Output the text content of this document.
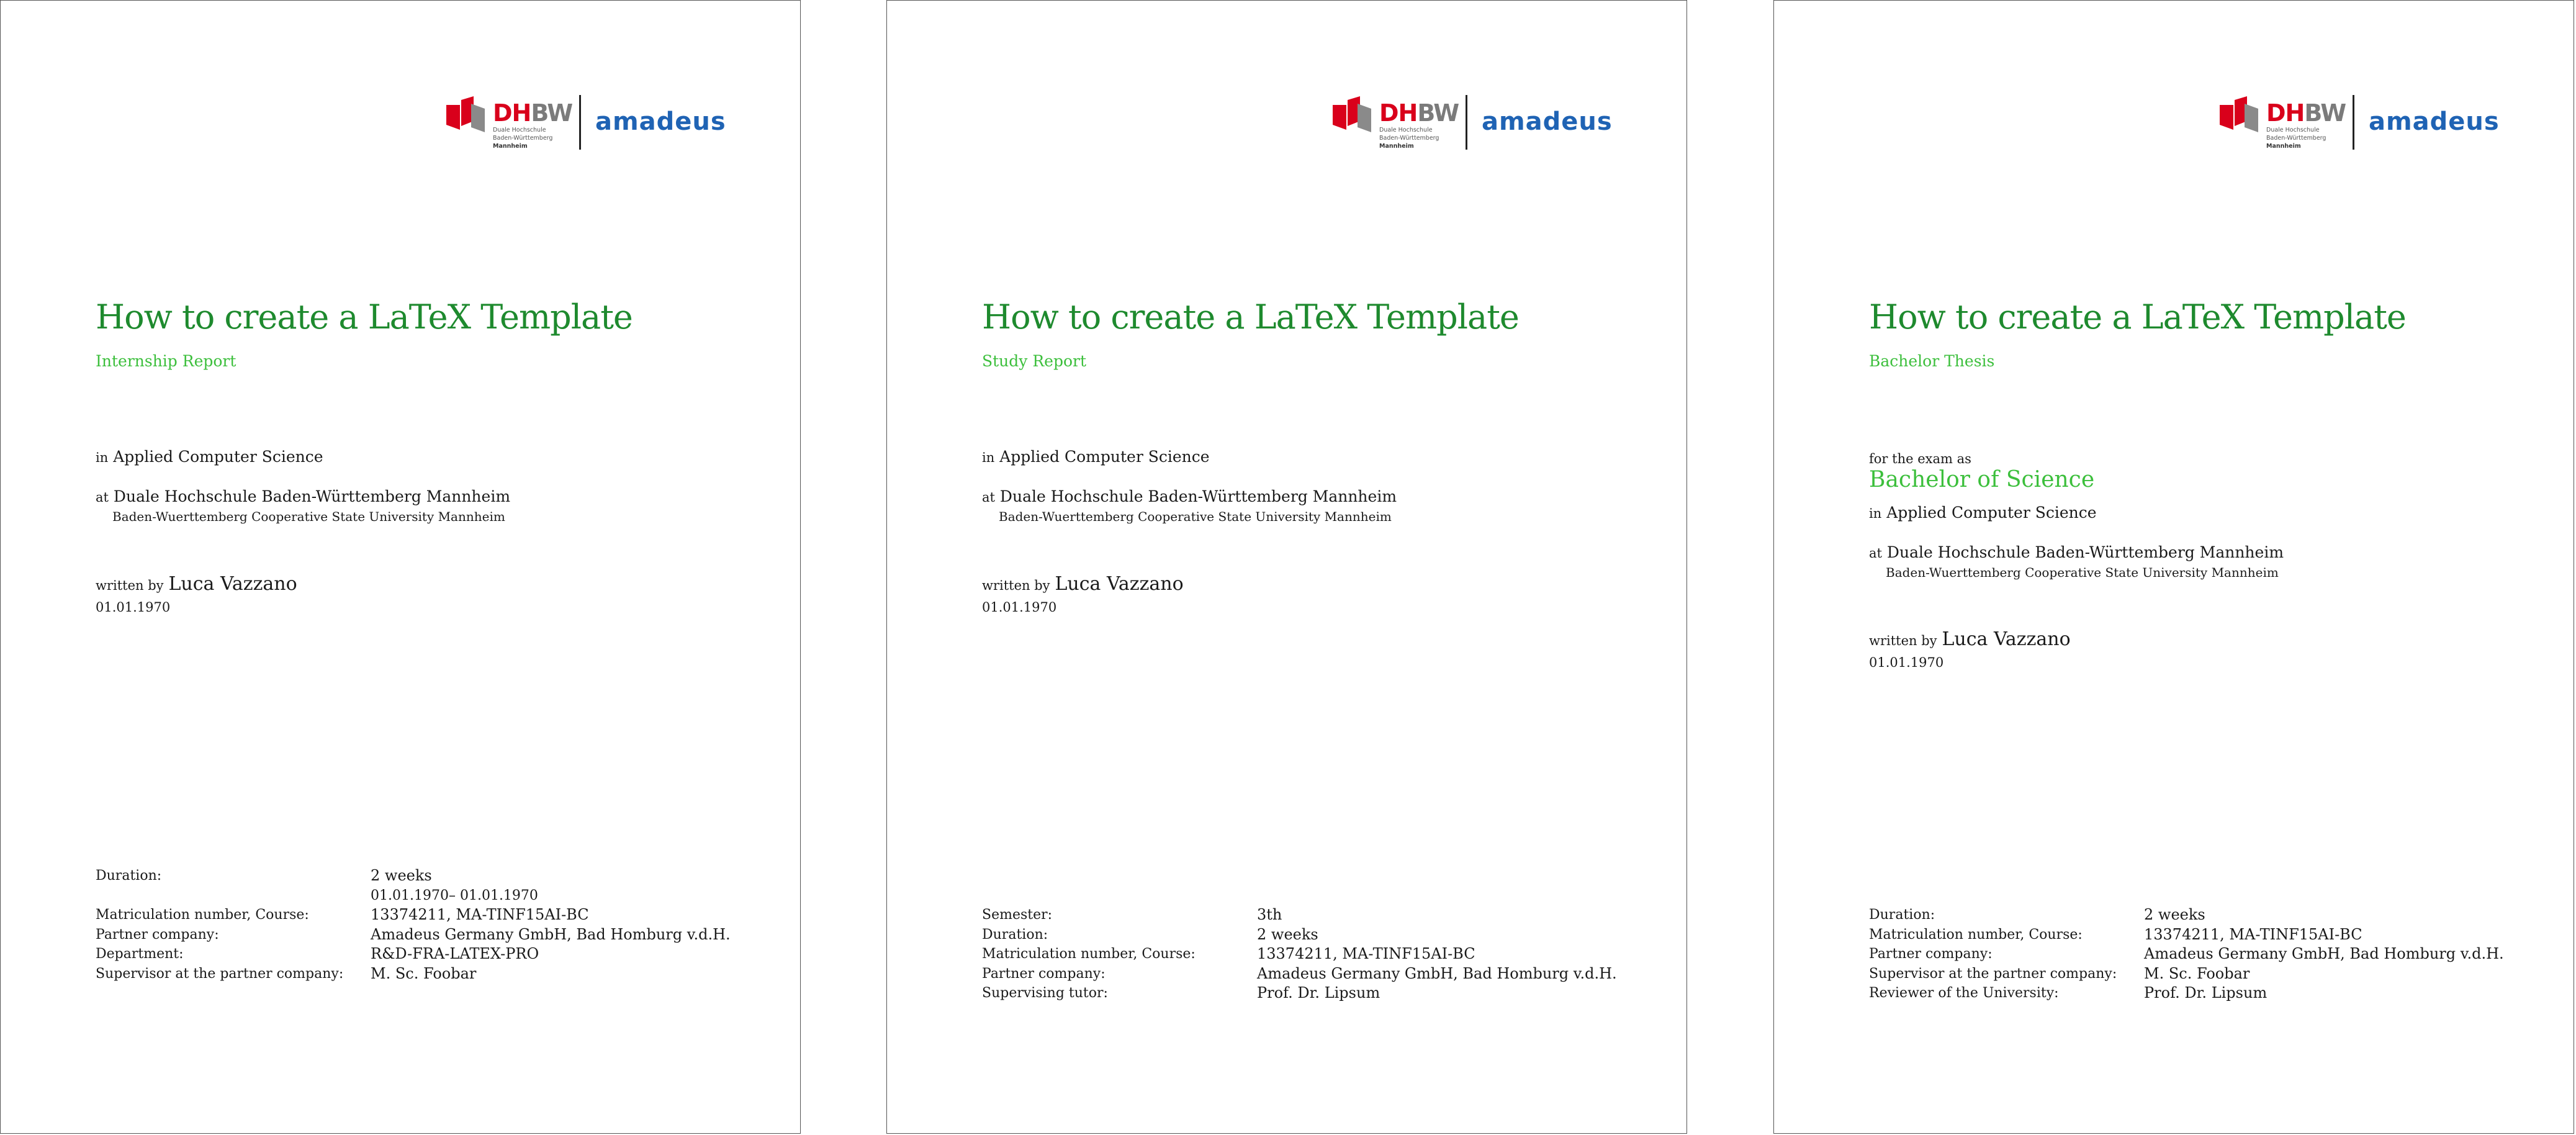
DHBW
Duale Hochschule
Baden-Württemberg
Mannheim
amadeus
How to create a LaTeX Template
Internship Report
in Applied Computer Science
at Duale Hochschule Baden-Württemberg Mannheim
Baden-Wuerttemberg Cooperative State University Mannheim
written by Luca Vazzano
01.01.1970
Duration:	2 weeks
01.01.1970– 01.01.1970
Matriculation number, Course:	13374211, MA-TINF15AI-BC
Partner company:	Amadeus Germany GmbH, Bad Homburg v.d.H.
Department:	R&D-FRA-LATEX-PRO
Supervisor at the partner company:	M. Sc. Foobar
DHBW
Duale Hochschule
Baden-Württemberg
Mannheim
amadeus
How to create a LaTeX Template
Study Report
in Applied Computer Science
at Duale Hochschule Baden-Württemberg Mannheim
Baden-Wuerttemberg Cooperative State University Mannheim
written by Luca Vazzano
01.01.1970
Semester:	3th
Duration:	2 weeks
Matriculation number, Course:	13374211, MA-TINF15AI-BC
Partner company:	Amadeus Germany GmbH, Bad Homburg v.d.H.
Supervising tutor:	Prof. Dr. Lipsum
DHBW
Duale Hochschule
Baden-Württemberg
Mannheim
amadeus
How to create a LaTeX Template
Bachelor Thesis
for the exam as
Bachelor of Science
in Applied Computer Science
at Duale Hochschule Baden-Württemberg Mannheim
Baden-Wuerttemberg Cooperative State University Mannheim
written by Luca Vazzano
01.01.1970
Duration:	2 weeks
Matriculation number, Course:	13374211, MA-TINF15AI-BC
Partner company:	Amadeus Germany GmbH, Bad Homburg v.d.H.
Supervisor at the partner company:	M. Sc. Foobar
Reviewer of the University:	Prof. Dr. Lipsum
